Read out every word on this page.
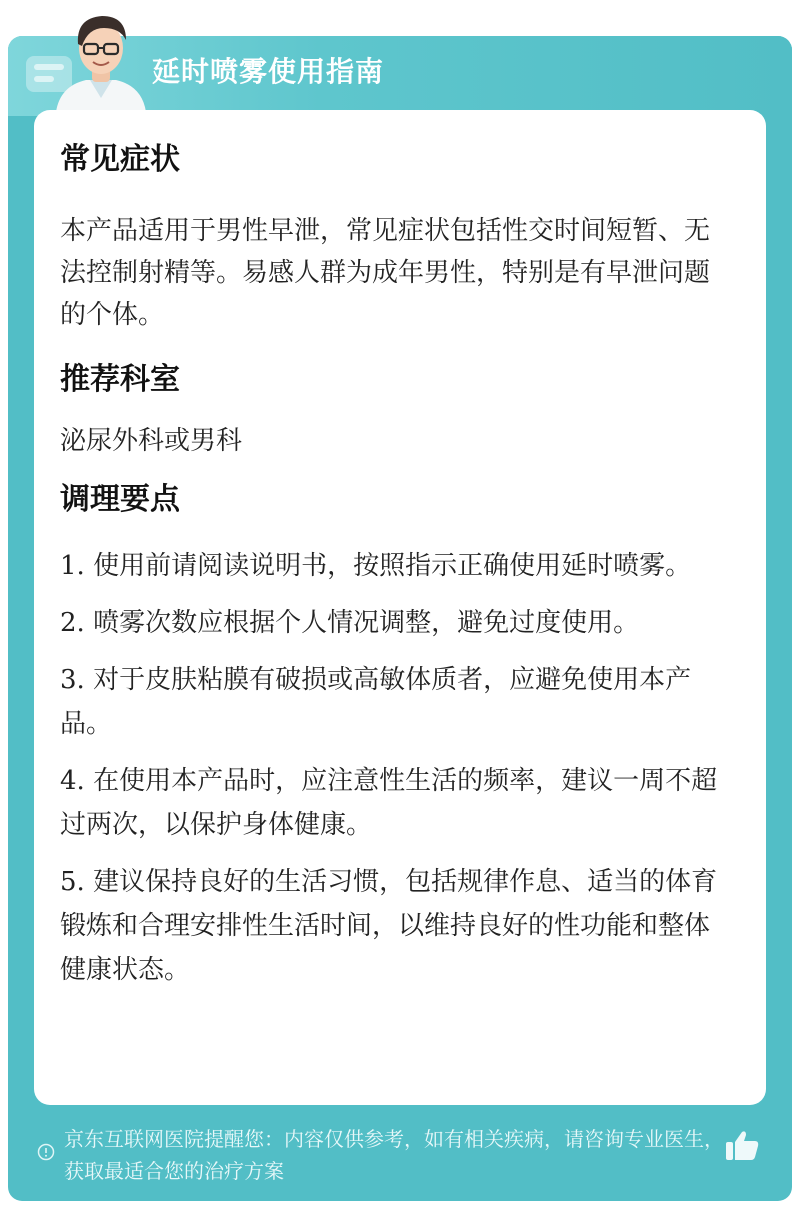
延时喷雾使用指南
常见症状

本产品适用于男性早泄，常见症状包括性交时间短暂、无法控制射精等。易感人群为成年男性，特别是有早泄问题的个体。

推荐科室

泌尿外科或男科

调理要点

1. 使用前请阅读说明书，按照指示正确使用延时喷雾。

2. 喷雾次数应根据个人情况调整，避免过度使用。

3. 对于皮肤粘膜有破损或高敏体质者，应避免使用本产品。

4. 在使用本产品时，应注意性生活的频率，建议一周不超过两次，以保护身体健康。

5. 建议保持良好的生活习惯，包括规律作息、适当的体育锻炼和合理安排性生活时间，以维持良好的性功能和整体健康状态。

京东互联网医院提醒您：内容仅供参考，如有相关疾病，请咨询专业医生，获取最适合您的治疗方案
